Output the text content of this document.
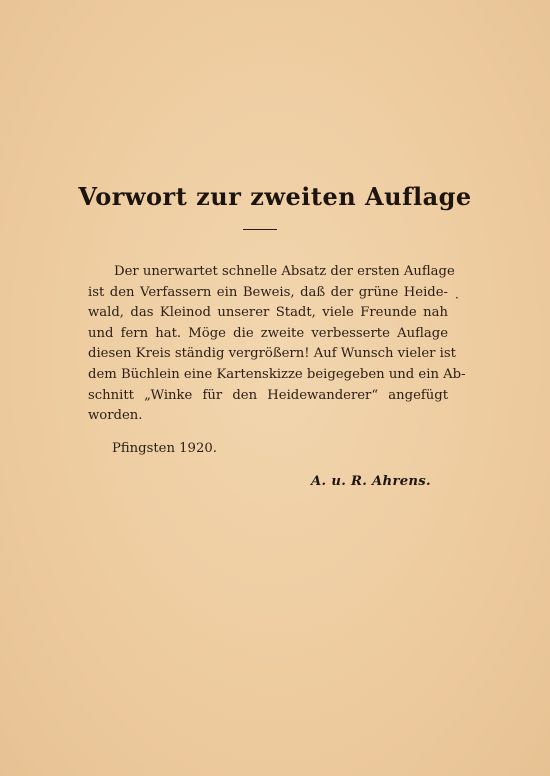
Vorwort zur zweiten Auflage
Der unerwartet schnelle Absatz der ersten Auflage
ist den Verfassern ein Beweis, daß der grüne Heide-
wald, das Kleinod unserer Stadt, viele Freunde nah
und fern hat. Möge die zweite verbesserte Auflage
diesen Kreis ständig vergrößern! Auf Wunsch vieler ist
dem Büchlein eine Kartenskizze beigegeben und ein Ab-
schnitt „Winke für den Heidewanderer“ angefügt
worden.
·
Pfingsten 1920.
A. u. R. Ahrens.
